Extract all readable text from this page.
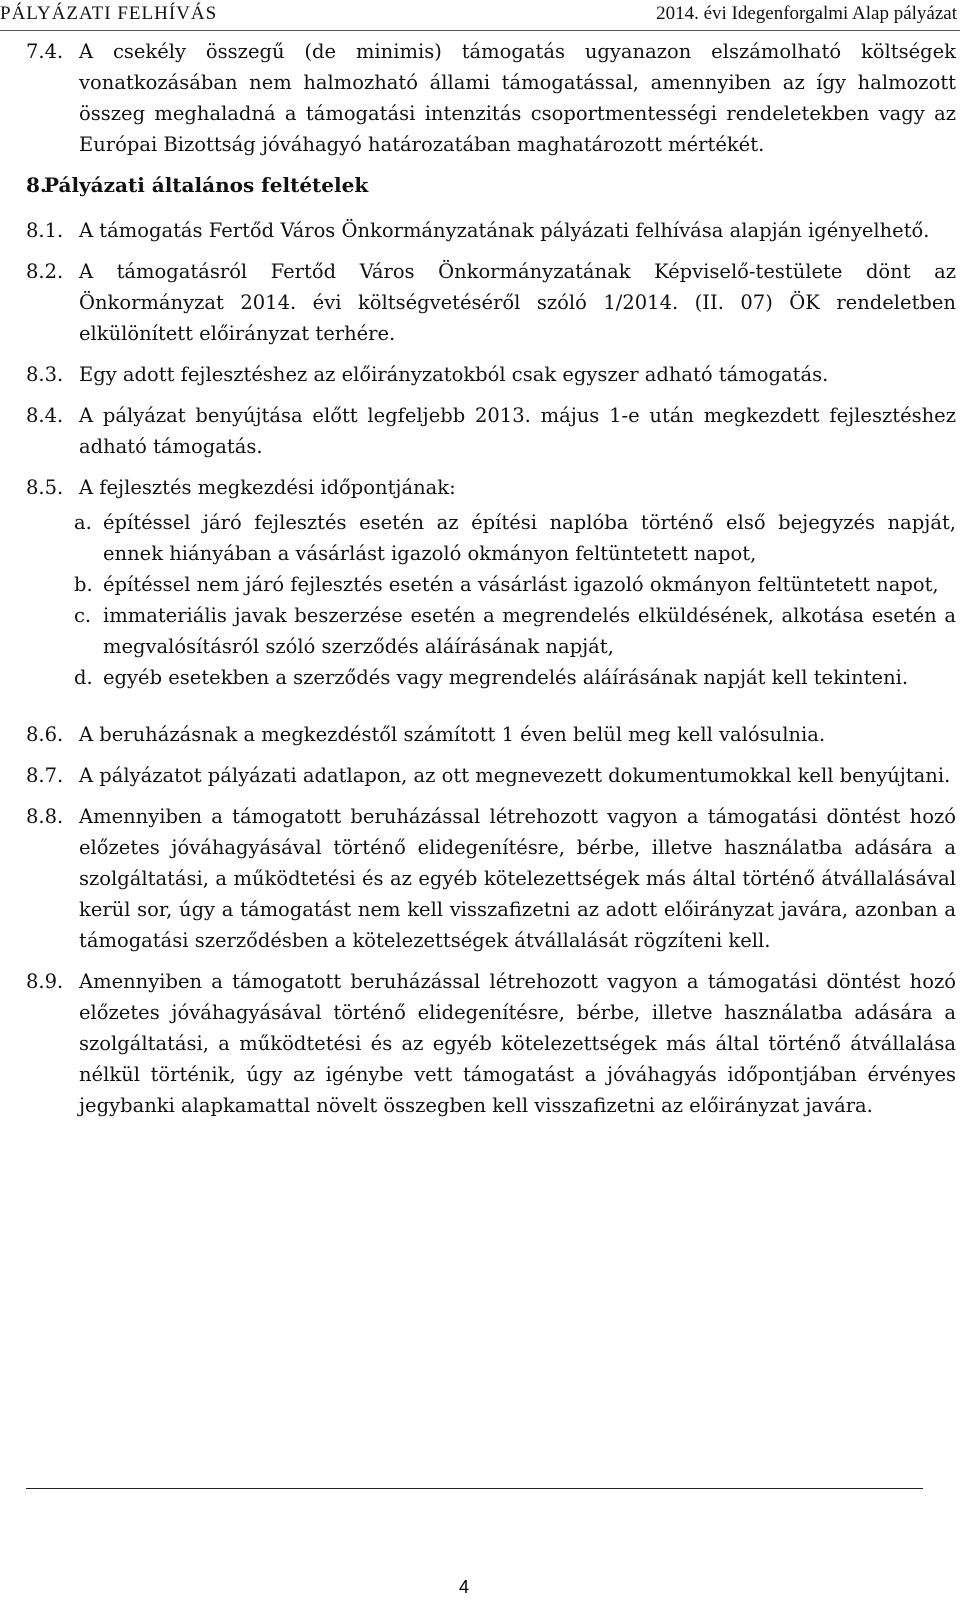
PÁLYÁZATI FELHÍVÁS	2014. évi Idegenforgalmi Alap pályázat
7.4. A csekély összegű (de minimis) támogatás ugyanazon elszámolható költségek vonatkozásában nem halmozható állami támogatással, amennyiben az így halmozott összeg meghaladná a támogatási intenzitás csoportmentességi rendeletekben vagy az Európai Bizottság jóváhagyó határozatában maghatározott mértékét.
8.
Pályázati általános feltételek
8.1. A támogatás Fertőd Város Önkormányzatának pályázati felhívása alapján igényelhető.
8.2. A támogatásról Fertőd Város Önkormányzatának Képviselő-testülete dönt az Önkormányzat 2014. évi költségvetéséről szóló 1/2014. (II. 07) ÖK rendeletben elkülönített előirányzat terhére.
8.3. Egy adott fejlesztéshez az előirányzatokból csak egyszer adható támogatás.
8.4. A pályázat benyújtása előtt legfeljebb 2013. május 1-e után megkezdett fejlesztéshez adható támogatás.
8.5. A fejlesztés megkezdési időpontjának:
a. építéssel járó fejlesztés esetén az építési naplóba történő első bejegyzés napját, ennek hiányában a vásárlást igazoló okmányon feltüntetett napot,
b. építéssel nem járó fejlesztés esetén a vásárlást igazoló okmányon feltüntetett napot,
c. immateriális javak beszerzése esetén a megrendelés elküldésének, alkotása esetén a megvalósításról szóló szerződés aláírásának napját,
d. egyéb esetekben a szerződés vagy megrendelés aláírásának napját kell tekinteni.
8.6. A beruházásnak a megkezdéstől számított 1 éven belül meg kell valósulnia.
8.7. A pályázatot pályázati adatlapon, az ott megnevezett dokumentumokkal kell benyújtani.
8.8. Amennyiben a támogatott beruházással létrehozott vagyon a támogatási döntést hozó előzetes jóváhagyásával történő elidegenítésre, bérbe, illetve használatba adására a szolgáltatási, a működtetési és az egyéb kötelezettségek más által történő átvállalásával kerül sor, úgy a támogatást nem kell visszafizetni az adott előirányzat javára, azonban a támogatási szerződésben a kötelezettségek átvállalását rögzíteni kell.
8.9. Amennyiben a támogatott beruházással létrehozott vagyon a támogatási döntést hozó előzetes jóváhagyásával történő elidegenítésre, bérbe, illetve használatba adására a szolgáltatási, a működtetési és az egyéb kötelezettségek más által történő átvállalása nélkül történik, úgy az igénybe vett támogatást a jóváhagyás időpontjában érvényes jegybanki alapkamattal növelt összegben kell visszafizetni az előirányzat javára.
4
